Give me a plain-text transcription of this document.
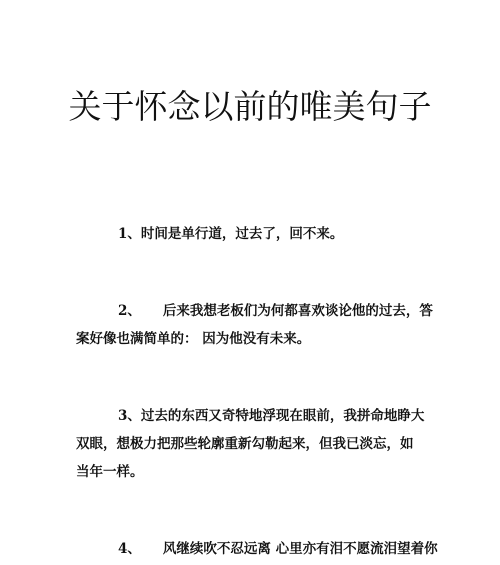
关于怀念以前的唯美句子

1、时间是单行道，过去了，回不来。

2、 后来我想老板们为何都喜欢谈论他的过去，答
案好像也满简单的： 因为他没有未来。

3、过去的东西又奇特地浮现在眼前，我拼命地睁大
双眼，想极力把那些轮廓重新勾勒起来，但我已淡忘，如
当年一样。

4、 风继续吹不忍远离 心里亦有泪不愿流泪望着你
